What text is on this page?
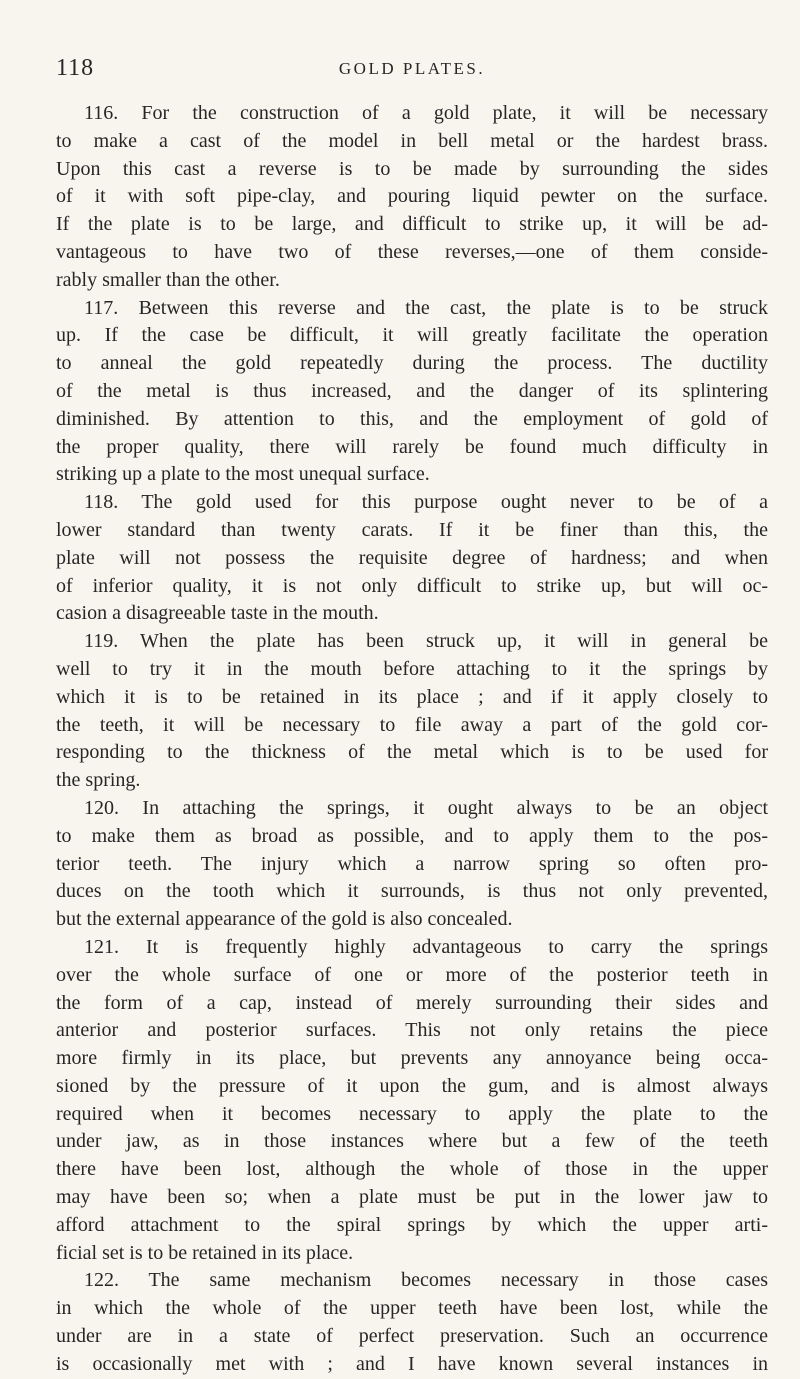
118	GOLD PLATES.
116. For the construction of a gold plate, it will be necessary
to make a cast of the model in bell metal or the hardest brass.
Upon this cast a reverse is to be made by surrounding the sides
of it with soft pipe-clay, and pouring liquid pewter on the surface.
If the plate is to be large, and difficult to strike up, it will be ad-
vantageous to have two of these reverses,—one of them conside-
rably smaller than the other.
117. Between this reverse and the cast, the plate is to be struck
up. If the case be difficult, it will greatly facilitate the operation
to anneal the gold repeatedly during the process. The ductility
of the metal is thus increased, and the danger of its splintering
diminished. By attention to this, and the employment of gold of
the proper quality, there will rarely be found much difficulty in
striking up a plate to the most unequal surface.
118. The gold used for this purpose ought never to be of a
lower standard than twenty carats. If it be finer than this, the
plate will not possess the requisite degree of hardness; and when
of inferior quality, it is not only difficult to strike up, but will oc-
casion a disagreeable taste in the mouth.
119. When the plate has been struck up, it will in general be
well to try it in the mouth before attaching to it the springs by
which it is to be retained in its place ; and if it apply closely to
the teeth, it will be necessary to file away a part of the gold cor-
responding to the thickness of the metal which is to be used for
the spring.
120. In attaching the springs, it ought always to be an object
to make them as broad as possible, and to apply them to the pos-
terior teeth. The injury which a narrow spring so often pro-
duces on the tooth which it surrounds, is thus not only prevented,
but the external appearance of the gold is also concealed.
121. It is frequently highly advantageous to carry the springs
over the whole surface of one or more of the posterior teeth in
the form of a cap, instead of merely surrounding their sides and
anterior and posterior surfaces. This not only retains the piece
more firmly in its place, but prevents any annoyance being occa-
sioned by the pressure of it upon the gum, and is almost always
required when it becomes necessary to apply the plate to the
under jaw, as in those instances where but a few of the teeth
there have been lost, although the whole of those in the upper
may have been so; when a plate must be put in the lower jaw to
afford attachment to the spiral springs by which the upper arti-
ficial set is to be retained in its place.
122. The same mechanism becomes necessary in those cases
in which the whole of the upper teeth have been lost, while the
under are in a state of perfect preservation. Such an occurrence
is occasionally met with ; and I have known several instances in
